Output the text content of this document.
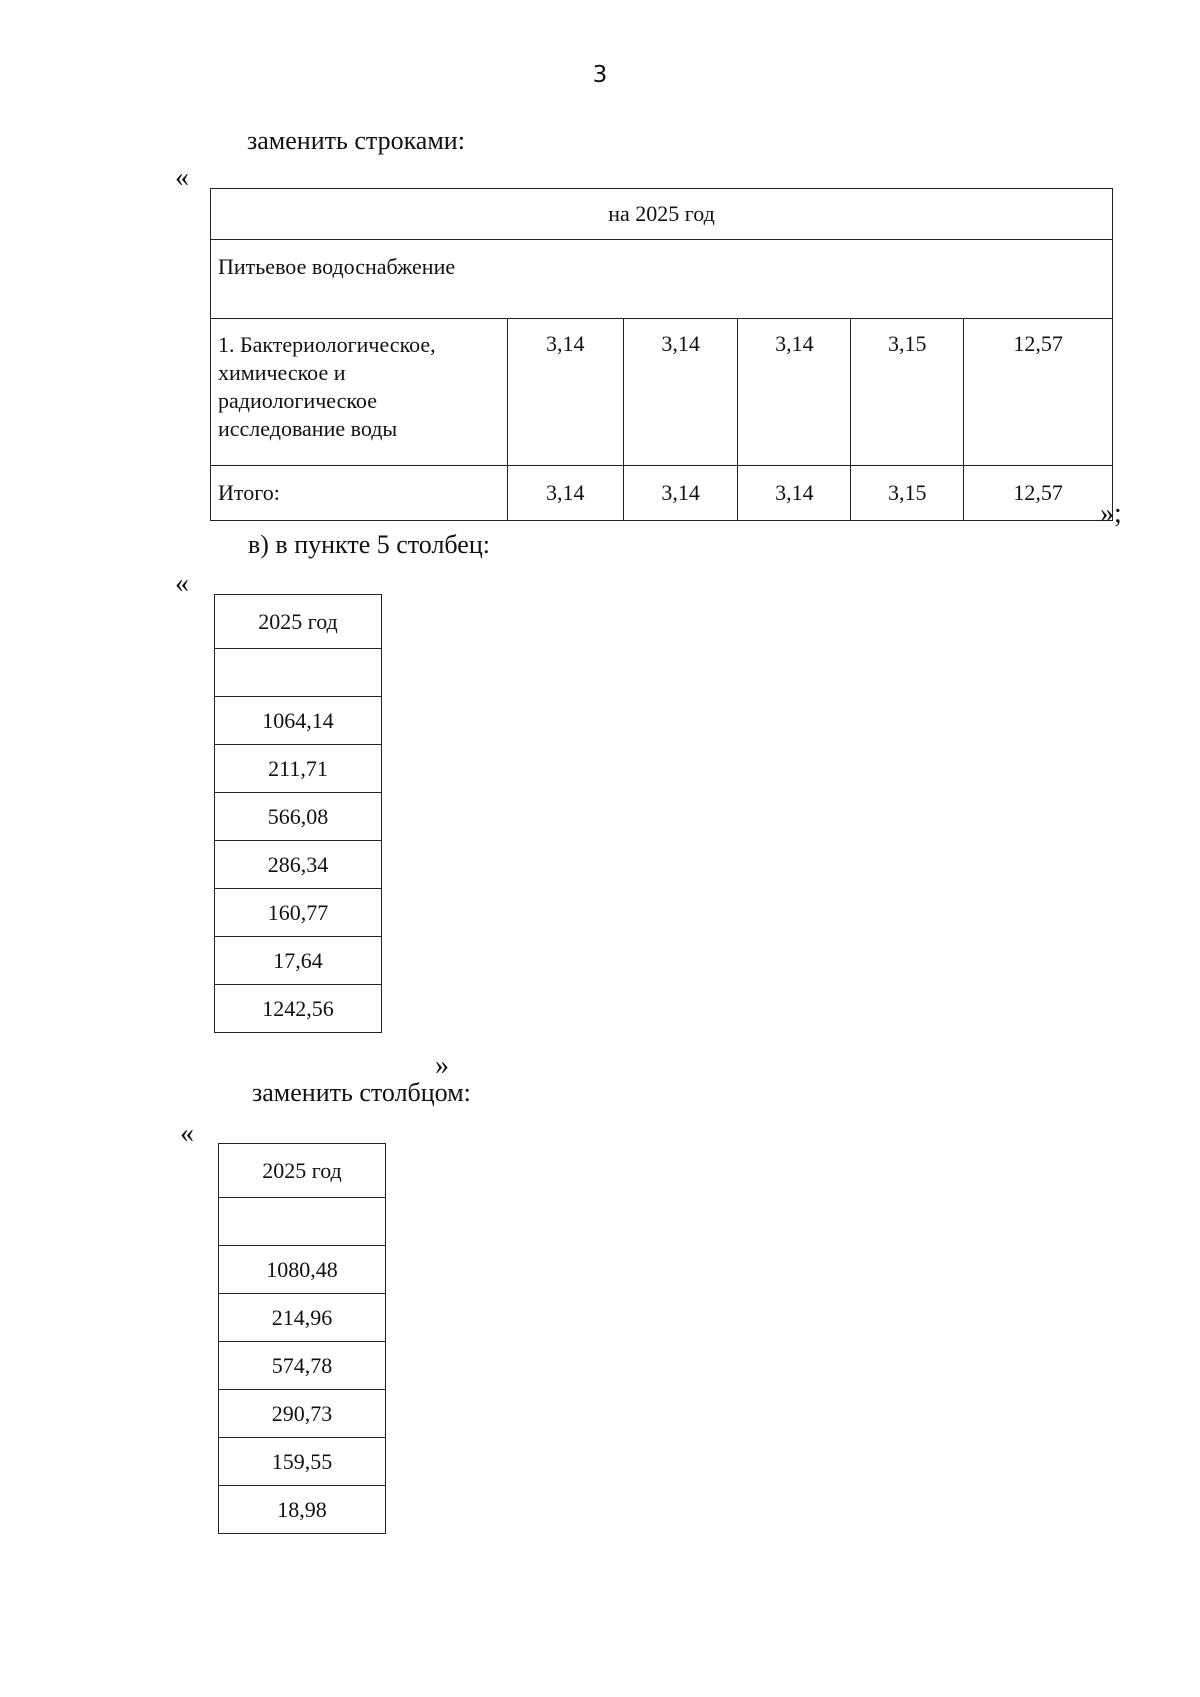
3
заменить строками:
«
на 2025 год					
Питьевое водоснабжение					
1. Бактериологическое, химическое и радиологическое исследование воды	3,14	3,14	3,14	3,15	12,57
Итого:	3,14	3,14	3,14	3,15	12,57
»;
в) в пункте 5 столбец:
«
2025 год

1064,14
211,71
566,08
286,34
160,77
17,64
1242,56
»
заменить столбцом:
«
2025 год

1080,48
214,96
574,78
290,73
159,55
18,98
